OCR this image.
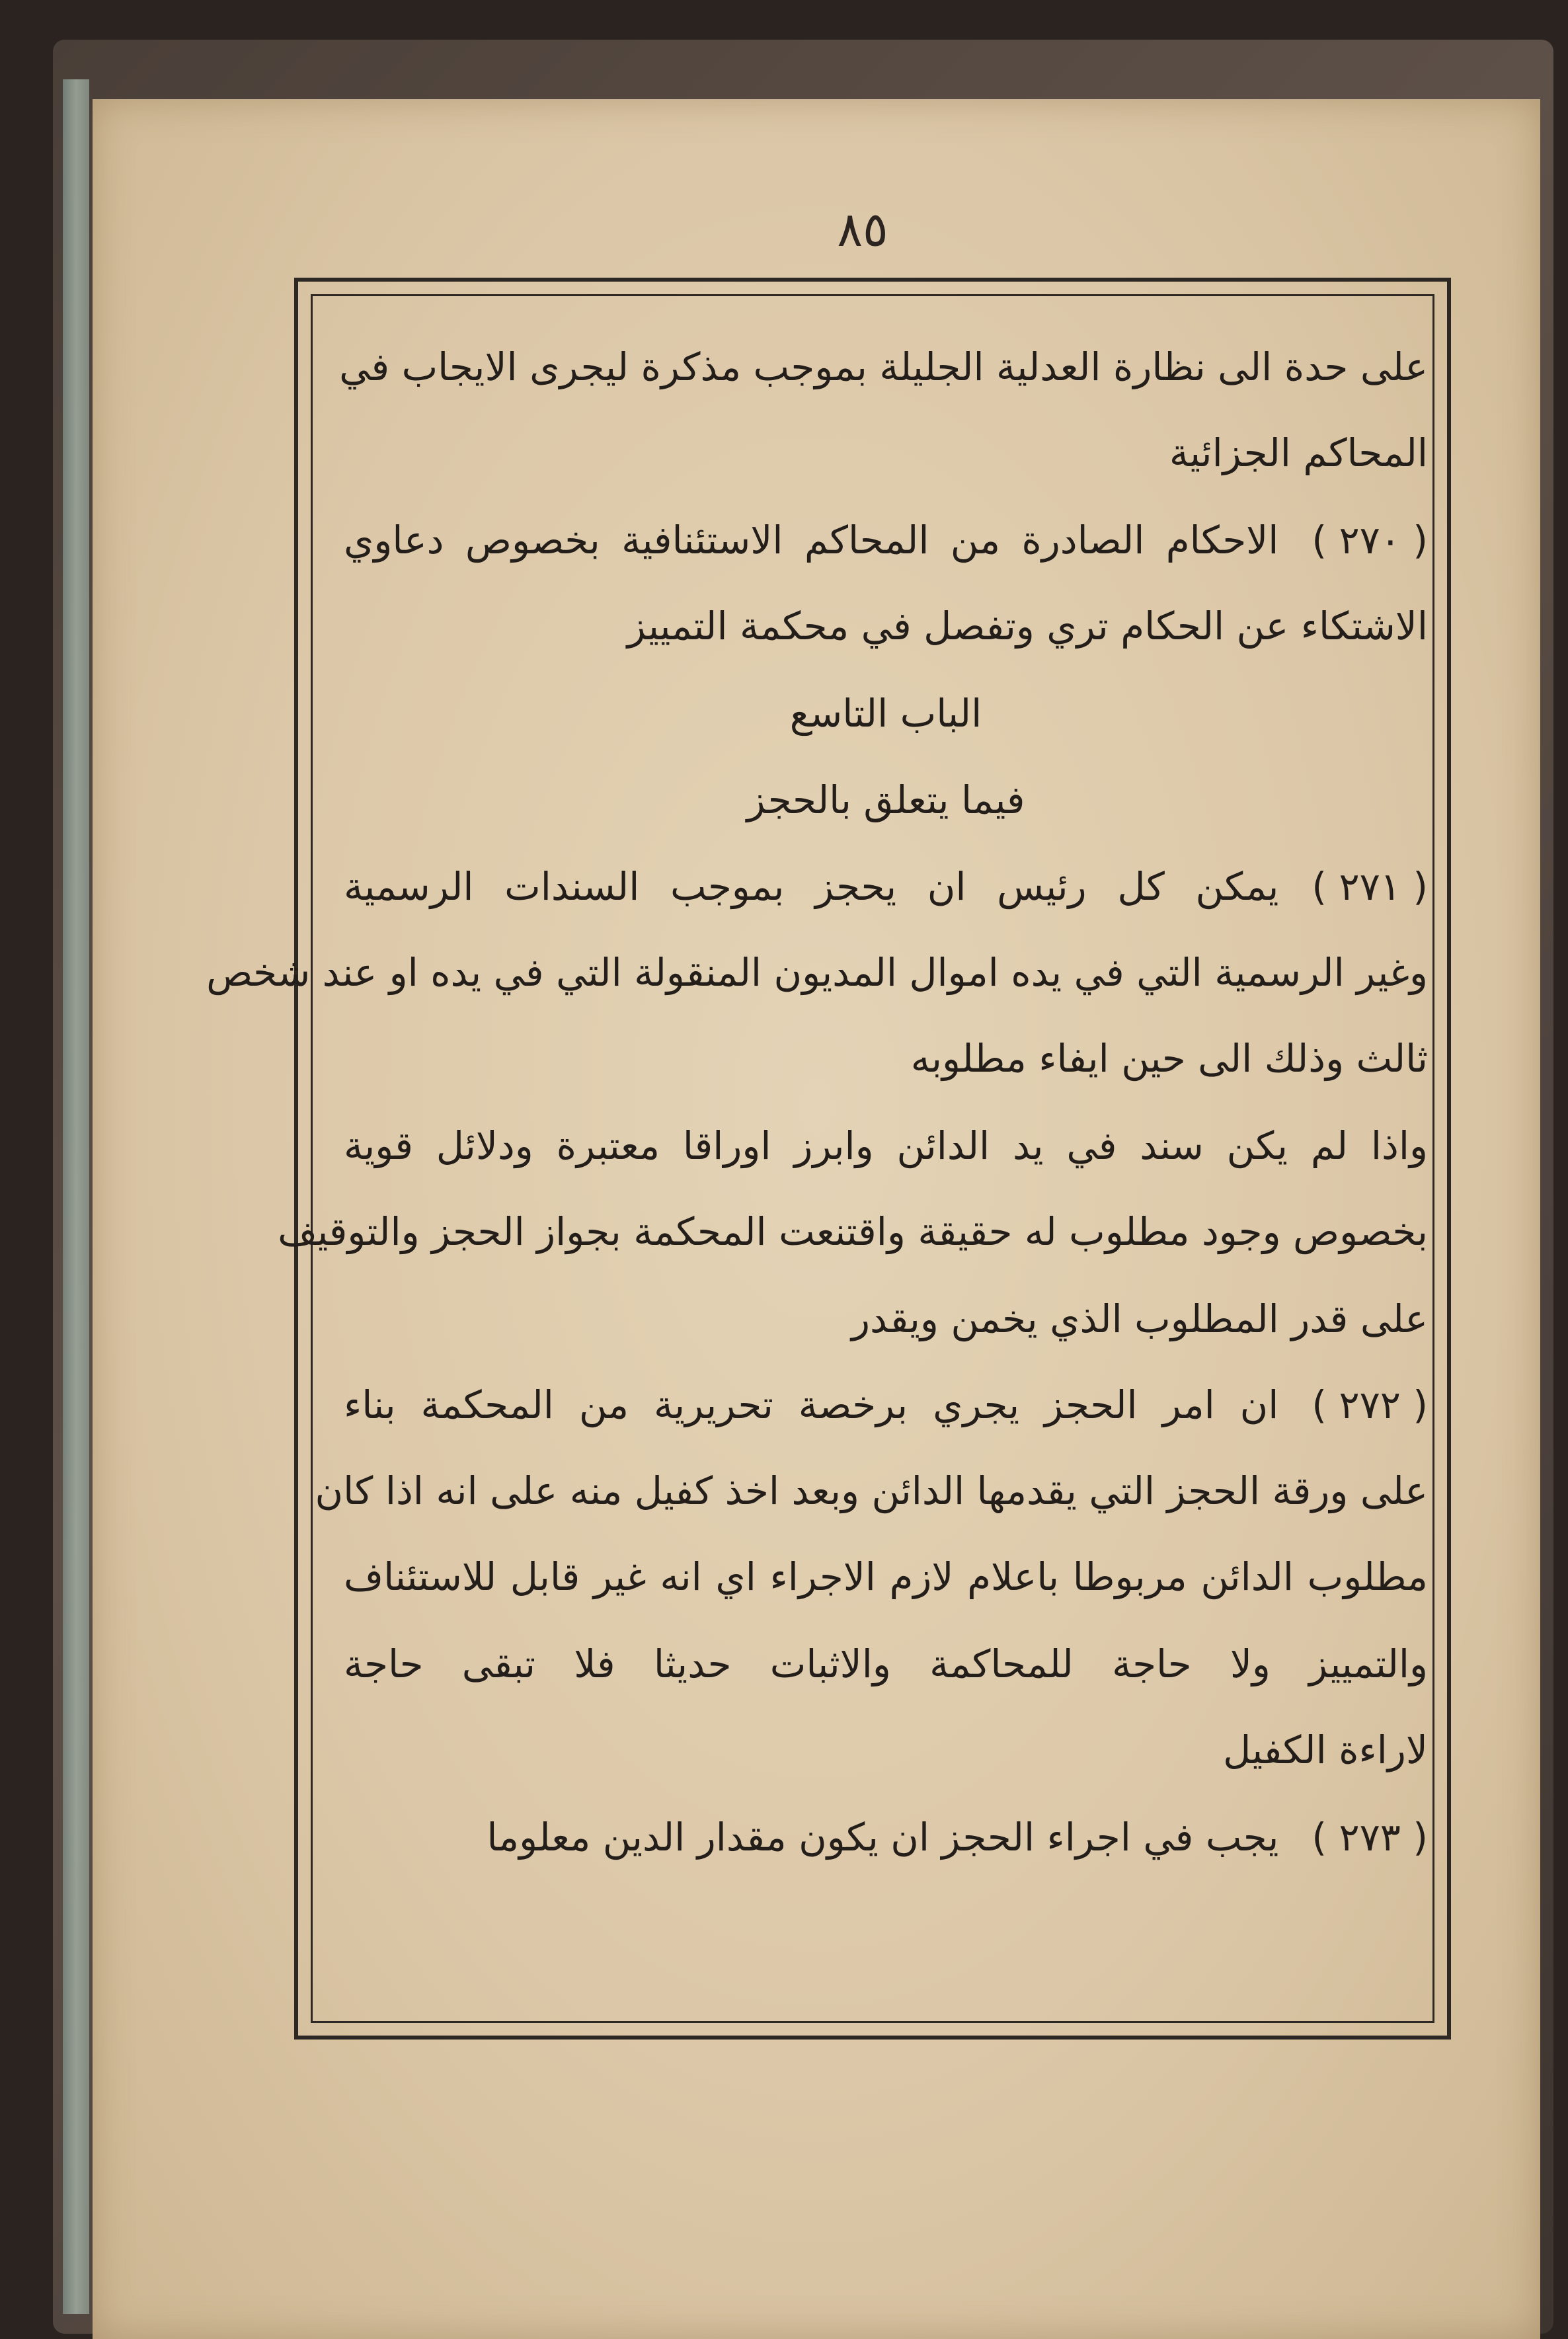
٨٥
على حدة الى نظارة العدلية الجليلة بموجب مذكرة ليجرى الايجاب في
المحاكم الجزائية
( ٢٧٠ )الاحكام الصادرة من المحاكم الاستئنافية بخصوص دعاوي
الاشتكاء عن الحكام تري وتفصل في محكمة التمييز
الباب التاسع
فيما يتعلق بالحجز
( ٢٧١ )يمكن كل رئيس ان يحجز بموجب السندات الرسمية
وغير الرسمية التي في يده اموال المديون المنقولة التي في يده او عند شخص
ثالث وذلك الى حين ايفاء مطلوبه
واذا لم يكن سند في يد الدائن وابرز اوراقا معتبرة ودلائل قوية
بخصوص وجود مطلوب له حقيقة واقتنعت المحكمة بجواز الحجز والتوقيف
على قدر المطلوب الذي يخمن ويقدر
( ٢٧٢ )ان امر الحجز يجري برخصة تحريرية من المحكمة بناء
على ورقة الحجز التي يقدمها الدائن وبعد اخذ كفيل منه على انه اذا كان
مطلوب الدائن مربوطا باعلام لازم الاجراء اي انه غير قابل للاستئناف
والتمييز ولا حاجة للمحاكمة والاثبات حديثا فلا تبقى حاجة
لاراءة الكفيل
( ٢٧٣ )يجب في اجراء الحجز ان يكون مقدار الدين معلوما
